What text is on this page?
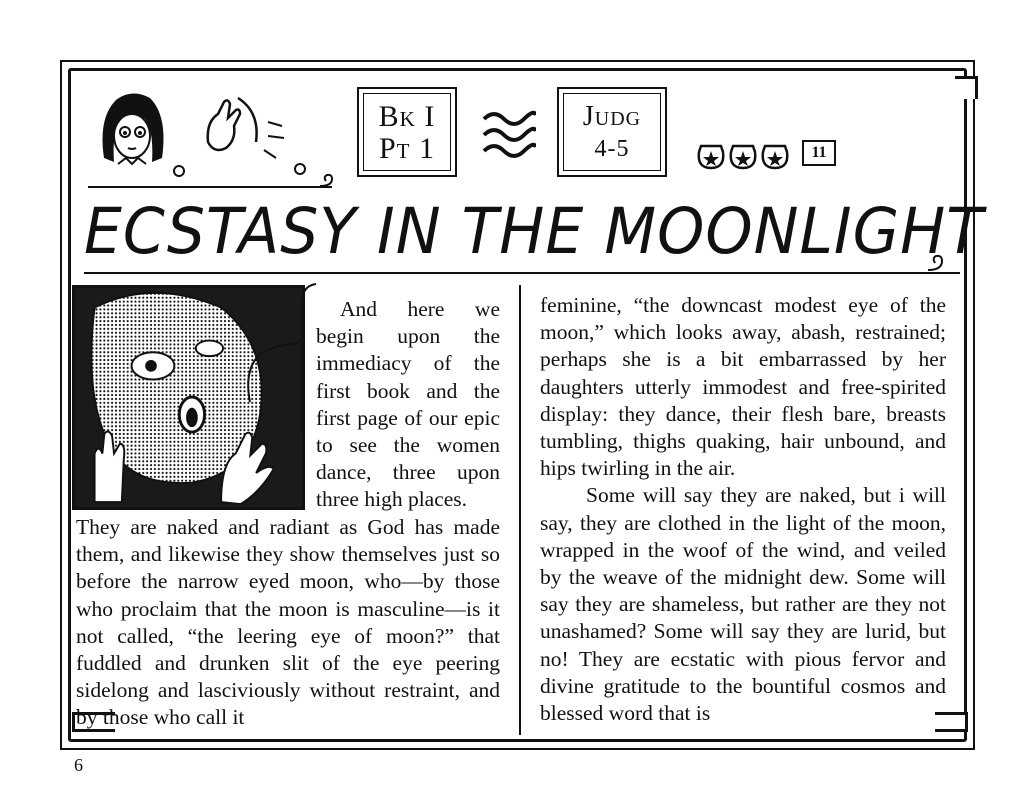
Bk I
Pt 1
Judg
4-5	11
ECSTASY IN THE MOONLIGHT

And here we begin upon the immediacy of the first book and the first page of our epic to see the women dance, three upon three high places.

They are naked and radiant as God has made them, and likewise they show themselves just so before the narrow eyed moon, who—by those who proclaim that the moon is masculine—is it not called, “the leering eye of moon?” that fuddled and drunken slit of the eye peering sidelong and lasciviously without restraint, and by those who call it

feminine, “the downcast modest eye of the moon,” which looks away, abash, restrained; perhaps she is a bit embarrassed by her daughters utterly immodest and free-spirited display: they dance, their flesh bare, breasts tumbling, thighs quaking, hair unbound, and hips twirling in the air.

Some will say they are naked, but i will say, they are clothed in the light of the moon, wrapped in the woof of the wind, and veiled by the weave of the midnight dew. Some will say they are shameless, but rather are they not unashamed? Some will say they are lurid, but no! They are ecstatic with pious fervor and divine gratitude to the bountiful cosmos and blessed word that is

6
